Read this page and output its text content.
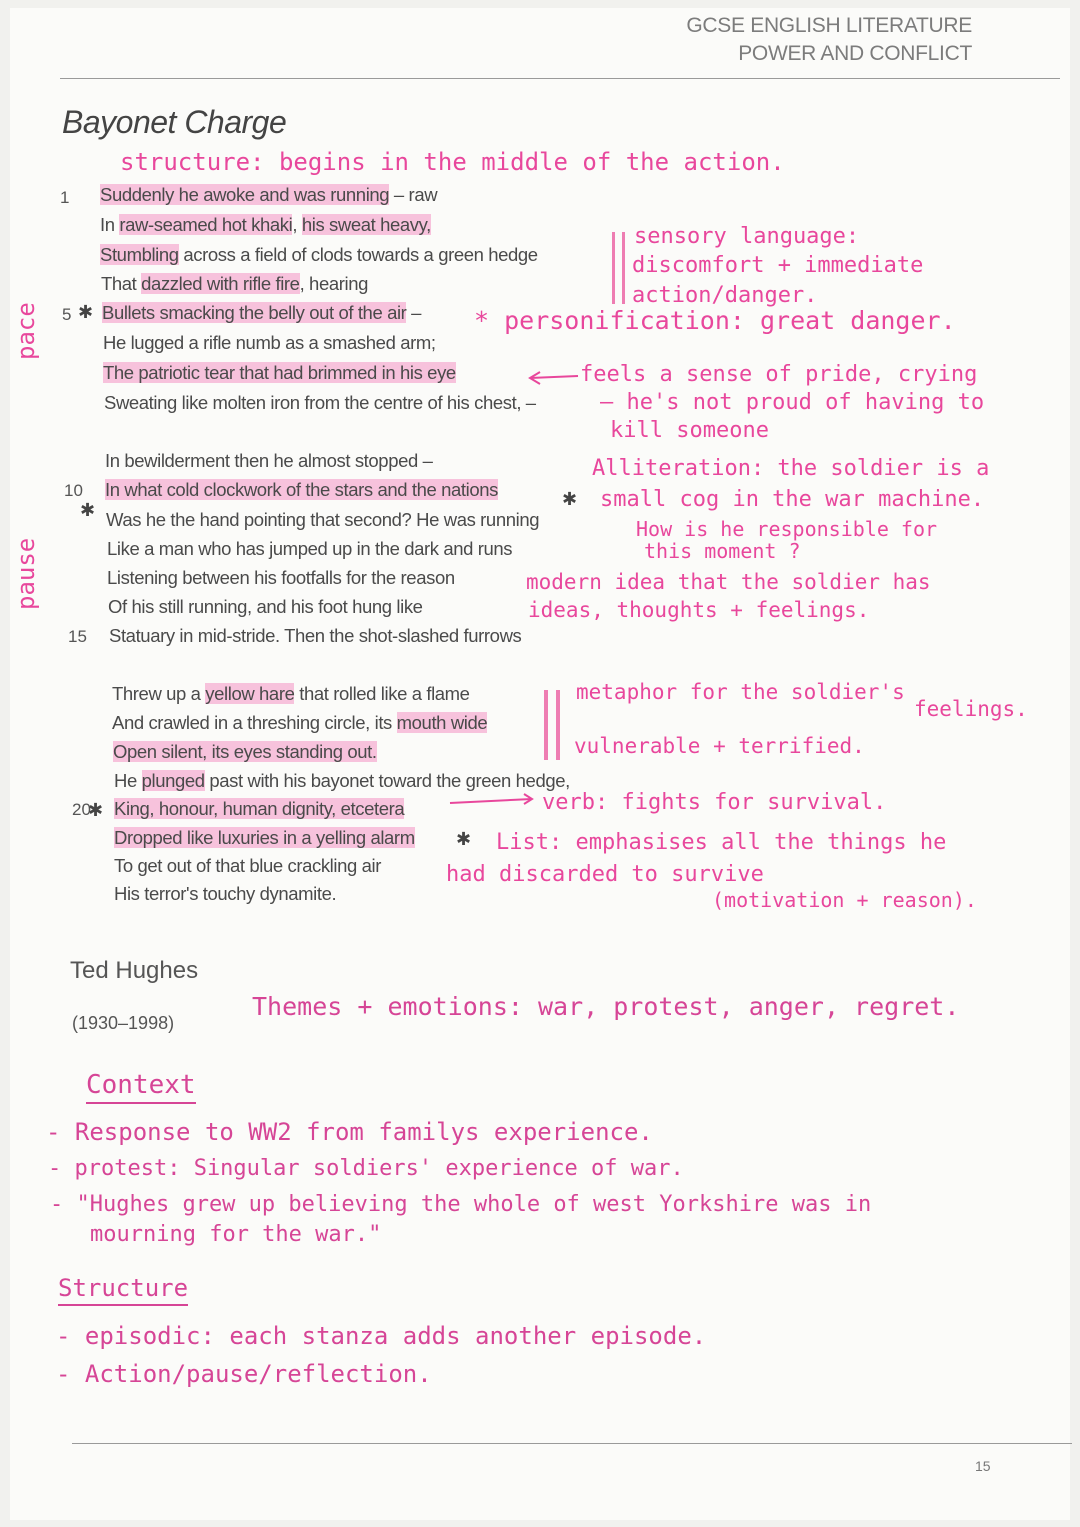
GCSE ENGLISH LITERATURE
POWER AND CONFLICT
Bayonet Charge
structure: begins in the middle of the action.
pace
pause
1
5
10
15
20
✱
✱
✱
✱
✱
Suddenly he awoke and was running – raw
In raw-seamed hot khaki, his sweat heavy,
Stumbling across a field of clods towards a green hedge
That dazzled with rifle fire, hearing
Bullets smacking the belly out of the air –
He lugged a rifle numb as a smashed arm;
The patriotic tear that had brimmed in his eye
Sweating like molten iron from the centre of his chest, –
In bewilderment then he almost stopped –
In what cold clockwork of the stars and the nations
Was he the hand pointing that second? He was running
Like a man who has jumped up in the dark and runs
Listening between his footfalls for the reason
Of his still running, and his foot hung like
Statuary in mid-stride. Then the shot-slashed furrows
Threw up a yellow hare that rolled like a flame
And crawled in a threshing circle, its mouth wide
Open silent, its eyes standing out.
He plunged past with his bayonet toward the green hedge,
King, honour, human dignity, etcetera
Dropped like luxuries in a yelling alarm
To get out of that blue crackling air
His terror's touchy dynamite.
sensory language:
discomfort + immediate
action/danger.
* personification: great danger.
feels a sense of pride, crying
– he's not proud of having to
kill someone
Alliteration: the soldier is a
small cog in the war machine.
How is he responsible for
this moment ?
modern idea that the soldier has
ideas, thoughts + feelings.
metaphor for the soldier's
feelings.
vulnerable + terrified.
verb: fights for survival.
List: emphasises all the things he
had discarded to survive
(motivation + reason).
Ted Hughes
(1930–1998)
Themes + emotions: war, protest, anger, regret.
Context
- Response to WW2 from familys experience.
- protest: Singular soldiers' experience of war.
- "Hughes grew up believing the whole of west Yorkshire was in
mourning for the war."
Structure
- episodic: each stanza adds another episode.
- Action/pause/reflection.
15
